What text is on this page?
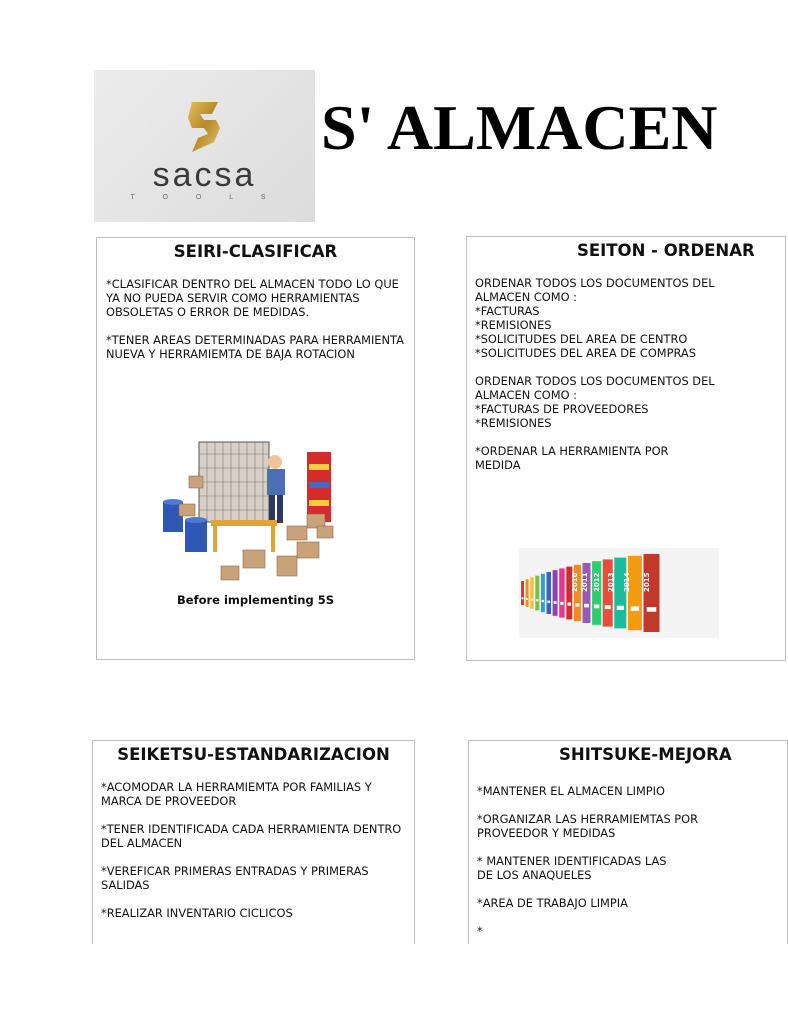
sacsa
T O O L S
S' ALMACEN
SEIRI-CLASIFICAR

*CLASIFICAR DENTRO DEL ALMACEN TODO LO QUE YA NO PUEDA SERVIR COMO HERRAMIENTAS OBSOLETAS O ERROR DE MEDIDAS.

*TENER AREAS DETERMINADAS PARA HERRAMIENTA NUEVA Y HERRAMIEMTA DE BAJA ROTACION

Before implementing 5S
SEITON - ORDENAR

ORDENAR TODOS LOS DOCUMENTOS DEL
ALMACEN COMO :
*FACTURAS
*REMISIONES
*SOLICITUDES DEL AREA DE CENTRO
*SOLICITUDES DEL AREA DE COMPRAS

ORDENAR TODOS LOS DOCUMENTOS DEL
ALMACEN COMO :
*FACTURAS DE PROVEEDORES
*REMISIONES

*ORDENAR LA HERRAMIENTA POR
MEDIDA

2015
2014
2013
2012
2011
2010
SEIKETSU-ESTANDARIZACION

*ACOMODAR LA HERRAMIEMTA POR FAMILIAS Y MARCA DE PROVEEDOR

*TENER IDENTIFICADA CADA HERRAMIENTA DENTRO DEL ALMACEN

*VEREFICAR PRIMERAS ENTRADAS Y PRIMERAS SALIDAS

*REALIZAR INVENTARIO CICLICOS

SHITSUKE-MEJORA

*MANTENER EL ALMACEN LIMPIO

*ORGANIZAR LAS HERRAMIEMTAS POR
PROVEEDOR Y MEDIDAS

* MANTENER IDENTIFICADAS LAS
DE LOS ANAQUELES

*AREA DE TRABAJO LIMPIA

*
